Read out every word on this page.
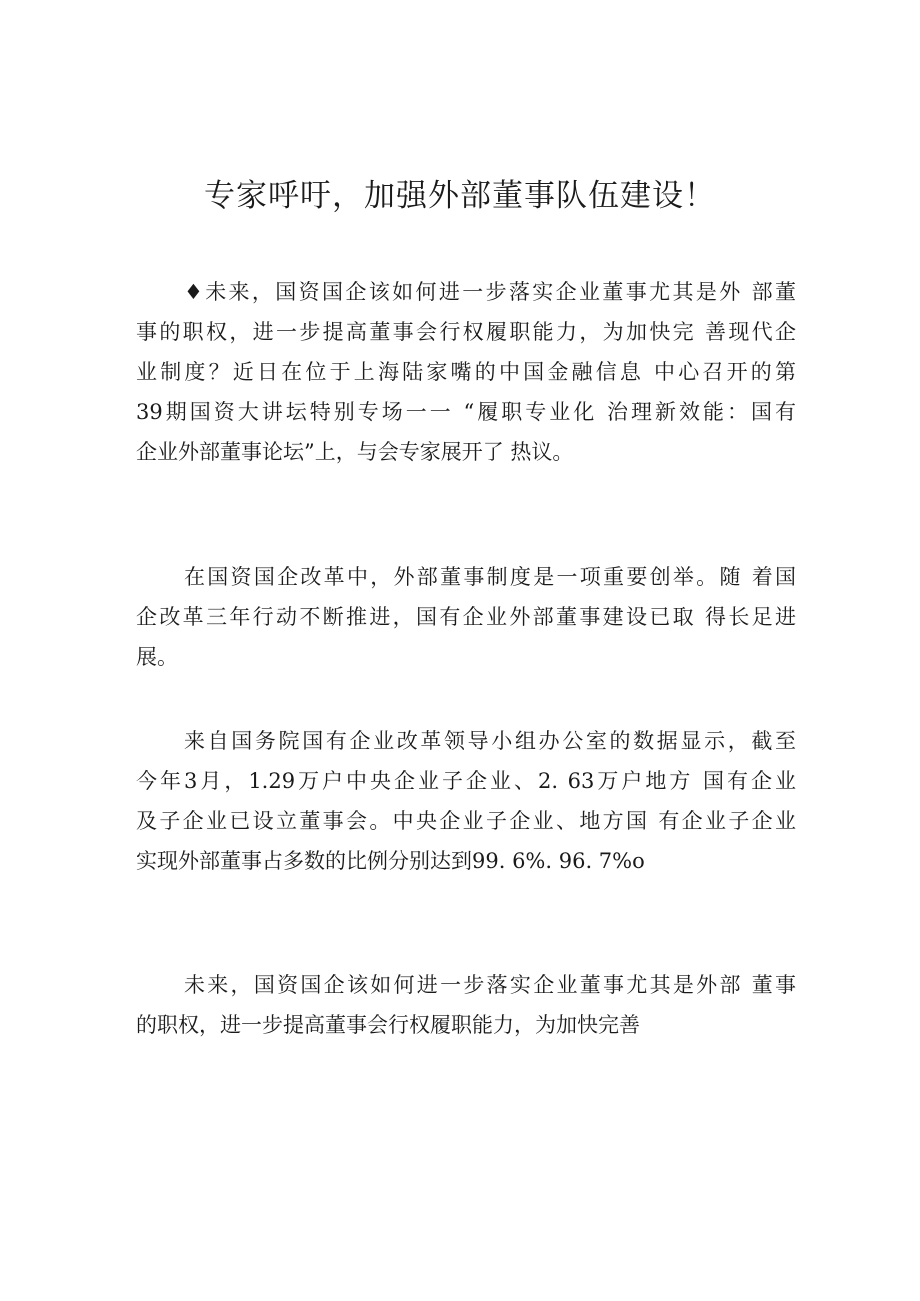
专家呼吁，加强外部董事队伍建设！
♦未来，国资国企该如何进一步落实企业董事尤其是外 部董
事的职权，进一步提高董事会行权履职能力，为加快完 善现代企
业制度？近日在位于上海陆家嘴的中国金融信息 中心召开的第
39期国资大讲坛特别专场一一 “履职专业化 治理新效能：国有
企业外部董事论坛”上，与会专家展开了 热议。
在国资国企改革中，外部董事制度是一项重要创举。随 着国
企改革三年行动不断推进，国有企业外部董事建设已取 得长足进
展。
来自国务院国有企业改革领导小组办公室的数据显示，截至
今年3月，1.29万户中央企业子企业、2. 63万户地方 国有企业
及子企业已设立董事会。中央企业子企业、地方国 有企业子企业
实现外部董事占多数的比例分别达到99. 6%. 96. 7%o
未来，国资国企该如何进一步落实企业董事尤其是外部 董事
的职权，进一步提高董事会行权履职能力，为加快完善
